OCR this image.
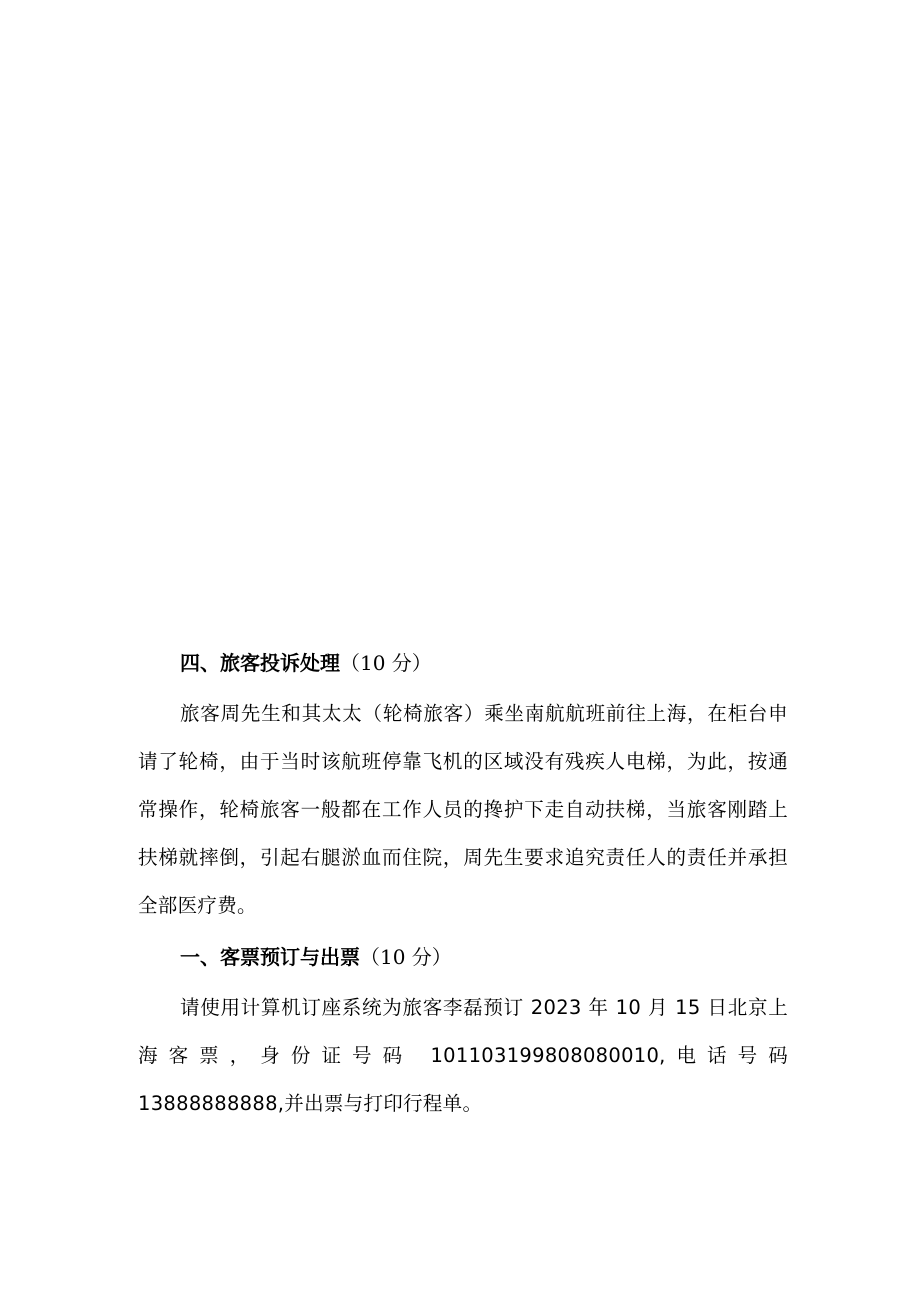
四、旅客投诉处理（10 分）

旅客周先生和其太太（轮椅旅客）乘坐南航航班前往上海，在柜台申请了轮椅，由于当时该航班停靠飞机的区域没有残疾人电梯，为此，按通常操作，轮椅旅客一般都在工作人员的搀护下走自动扶梯，当旅客刚踏上扶梯就摔倒，引起右腿淤血而住院，周先生要求追究责任人的责任并承担全部医疗费。

一、客票预订与出票（10 分）

请使用计算机订座系统为旅客李磊预订 2023 年 10 月 15 日北京上海客票，身份证号码 101103199808080010,电话号码 13888888888,并出票与打印行程单。
